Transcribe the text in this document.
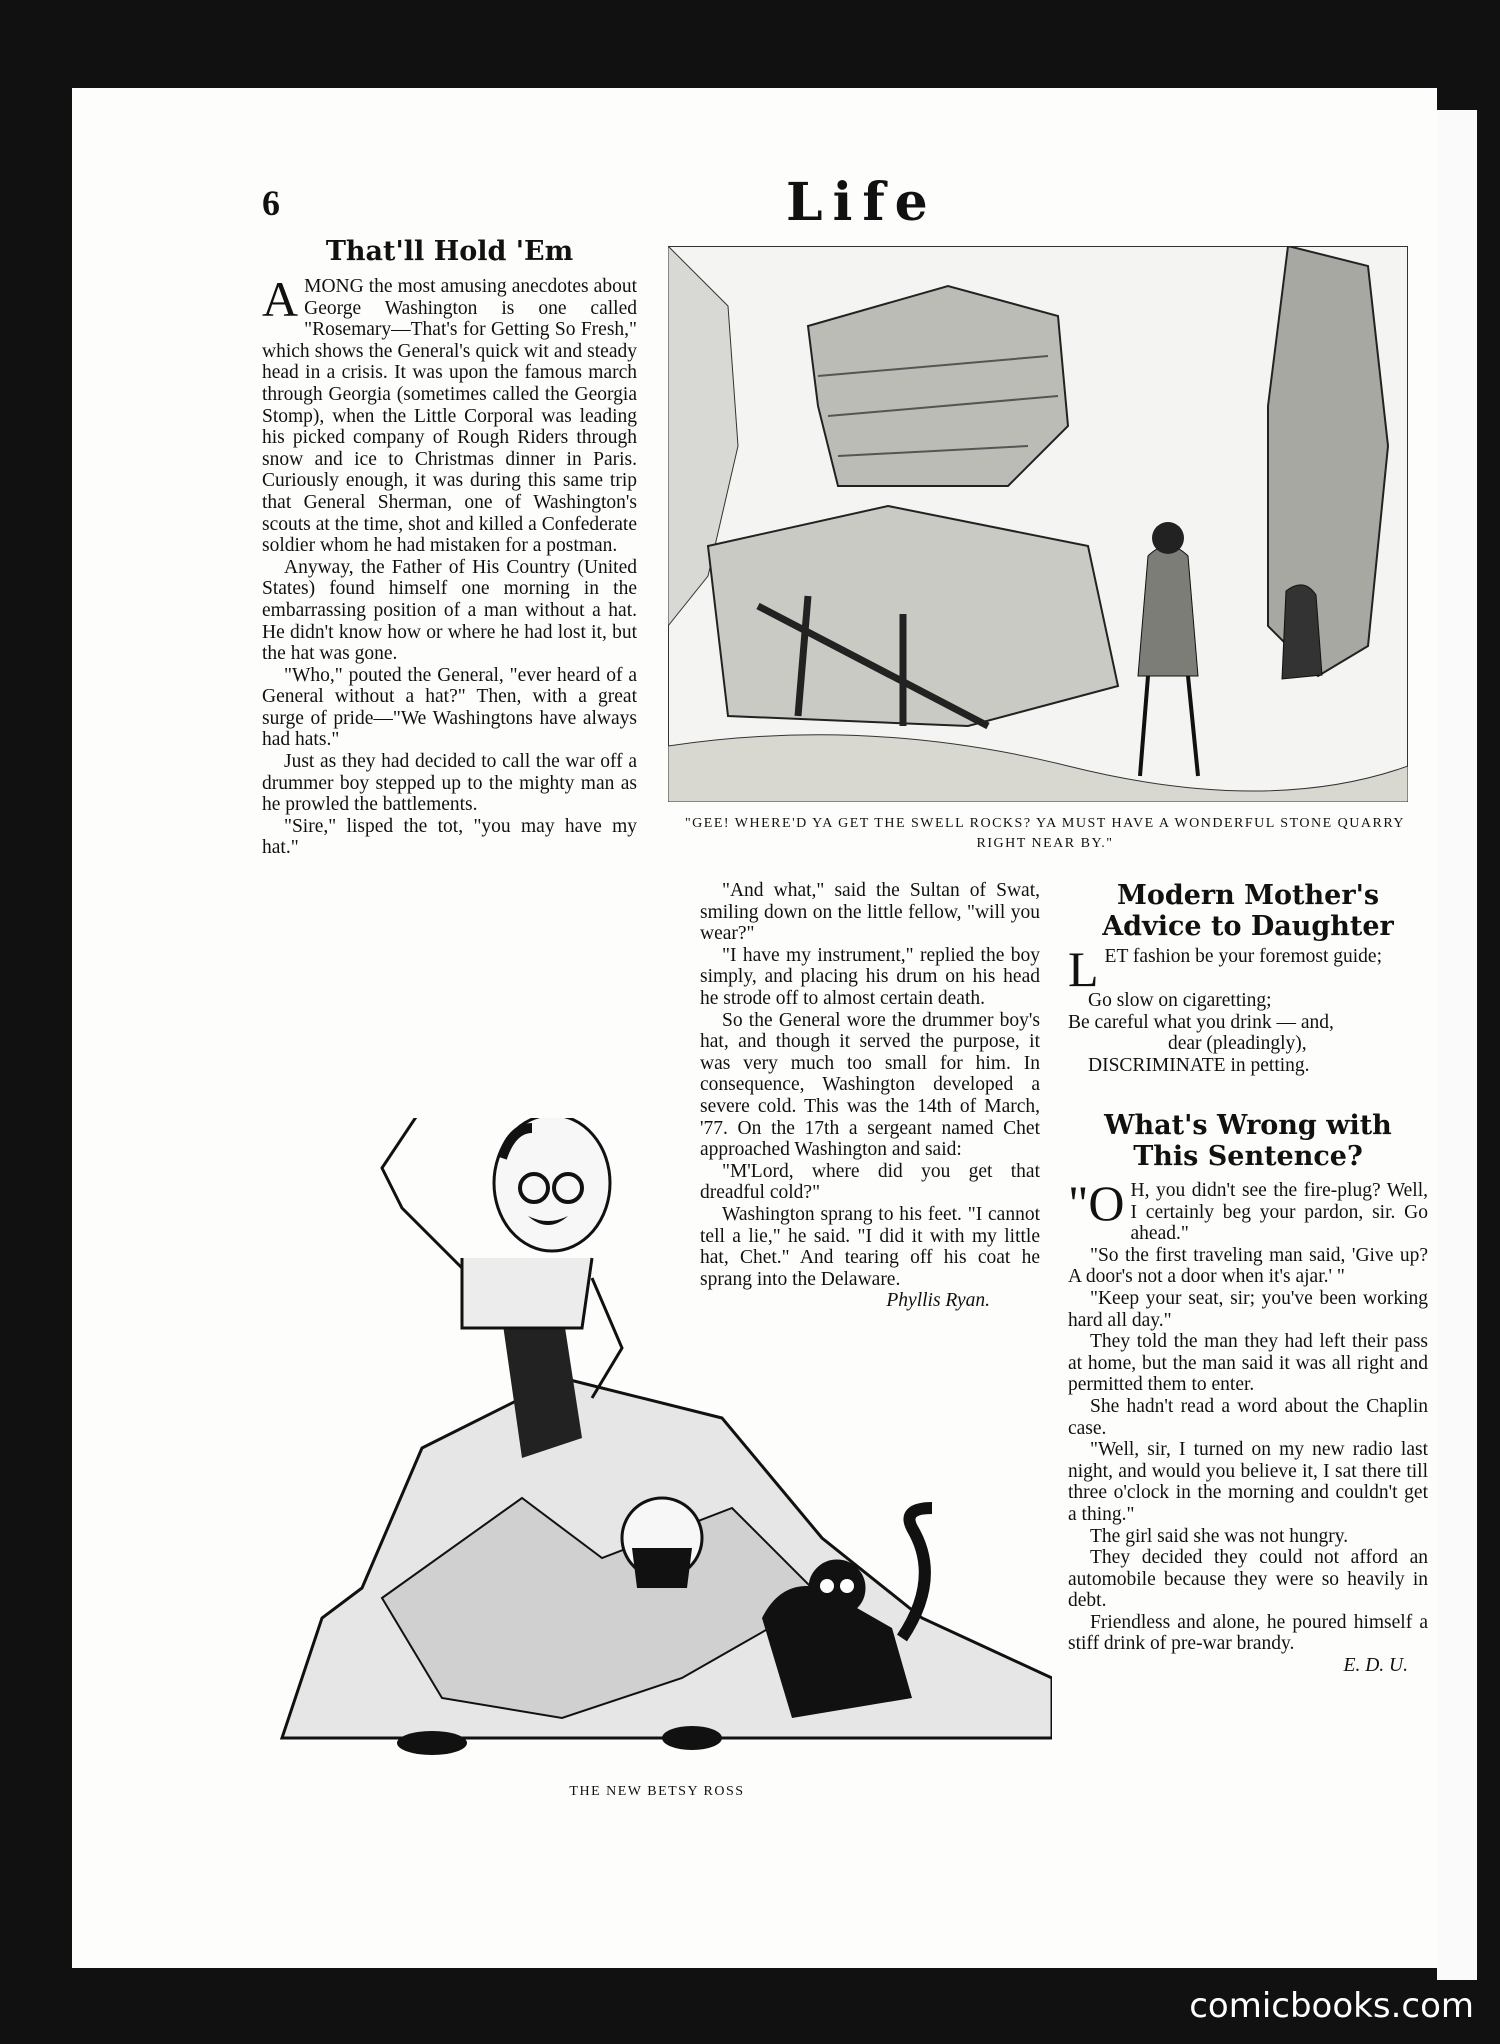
6	Life
That'll Hold 'Em

AMONG the most amusing anecdotes about George Washington is one called "Rosemary—That's for Getting So Fresh," which shows the General's quick wit and steady head in a crisis. It was upon the famous march through Georgia (sometimes called the Georgia Stomp), when the Little Corporal was leading his picked company of Rough Riders through snow and ice to Christmas dinner in Paris. Curiously enough, it was during this same trip that General Sherman, one of Washington's scouts at the time, shot and killed a Confederate soldier whom he had mistaken for a postman.

Anyway, the Father of His Country (United States) found himself one morning in the embarrassing position of a man without a hat. He didn't know how or where he had lost it, but the hat was gone.

"Who," pouted the General, "ever heard of a General without a hat?" Then, with a great surge of pride—"We Washingtons have always had hats."

Just as they had decided to call the war off a drummer boy stepped up to the mighty man as he prowled the battlements.

"Sire," lisped the tot, "you may have my hat."

"GEE! WHERE'D YA GET THE SWELL ROCKS? YA MUST HAVE A WONDERFUL STONE QUARRY RIGHT NEAR BY."

"And what," said the Sultan of Swat, smiling down on the little fellow, "will you wear?"

"I have my instrument," replied the boy simply, and placing his drum on his head he strode off to almost certain death.

So the General wore the drummer boy's hat, and though it served the purpose, it was very much too small for him. In consequence, Washington developed a severe cold. This was the 14th of March, '77. On the 17th a sergeant named Chet approached Washington and said:

"M'Lord, where did you get that dreadful cold?"

Washington sprang to his feet. "I cannot tell a lie," he said. "I did it with my little hat, Chet." And tearing off his coat he sprang into the Delaware.

Phyllis Ryan.

THE NEW BETSY ROSS
Modern Mother's Advice to Daughter

LET fashion be your foremost guide;

Go slow on cigaretting;

Be careful what you drink — and,

dear (pleadingly),

DISCRIMINATE in petting.

What's Wrong with This Sentence?

"O H, you didn't see the fire-plug? Well, I certainly beg your pardon, sir. Go ahead."

"So the first traveling man said, 'Give up? A door's not a door when it's ajar.' "

"Keep your seat, sir; you've been working hard all day."

They told the man they had left their pass at home, but the man said it was all right and permitted them to enter.

She hadn't read a word about the Chaplin case.

"Well, sir, I turned on my new radio last night, and would you believe it, I sat there till three o'clock in the morning and couldn't get a thing."

The girl said she was not hungry.

They decided they could not afford an automobile because they were so heavily in debt.

Friendless and alone, he poured himself a stiff drink of pre-war brandy.

E. D. U.

comicbooks.com
